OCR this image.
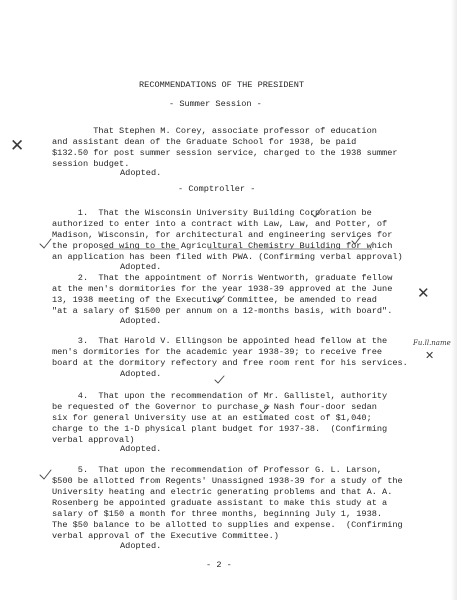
RECOMMENDATIONS OF THE PRESIDENT
- Summer Session -
That Stephen M. Corey, associate professor of education
and assistant dean of the Graduate School for 1938, be paid
$132.50 for post summer session service, charged to the 1938 summer
session budget.
Adopted.
- Comptroller -
1.  That the Wisconsin University Building Corporation be
authorized to enter into a contract with Law, Law, and Potter, of
Madison, Wisconsin, for architectural and engineering services for
the proposed wing to the Agricultural Chemistry Building for which
an application has been filed with PWA. (Confirming verbal approval)
Adopted.
2.  That the appointment of Norris Wentworth, graduate fellow
at the men's dormitories for the year 1938-39 approved at the June
13, 1938 meeting of the Executive Committee, be amended to read
"at a salary of $1500 per annum on a 12-months basis, with board".
Adopted.
3.  That Harold V. Ellingson be appointed head fellow at the
men's dormitories for the academic year 1938-39; to receive free
board at the dormitory refectory and free room rent for his services.
Adopted.
4.  That upon the recommendation of Mr. Gallistel, authority
be requested of the Governor to purchase a Nash four-door sedan
six for general University use at an estimated cost of $1,040;
charge to the 1-D physical plant budget for 1937-38.  (Confirming
verbal approval)
Adopted.
5.  That upon the recommendation of Professor G. L. Larson,
$500 be allotted from Regents' Unassigned 1938-39 for a study of the
University heating and electric generating problems and that A. A.
Rosenberg be appointed graduate assistant to make this study at a
salary of $150 a month for three months, beginning July 1, 1938.
The $50 balance to be allotted to supplies and expense.  (Confirming
verbal approval of the Executive Committee.)
Adopted.
- 2 -
✕
✕
Fu.ll.name
✕
